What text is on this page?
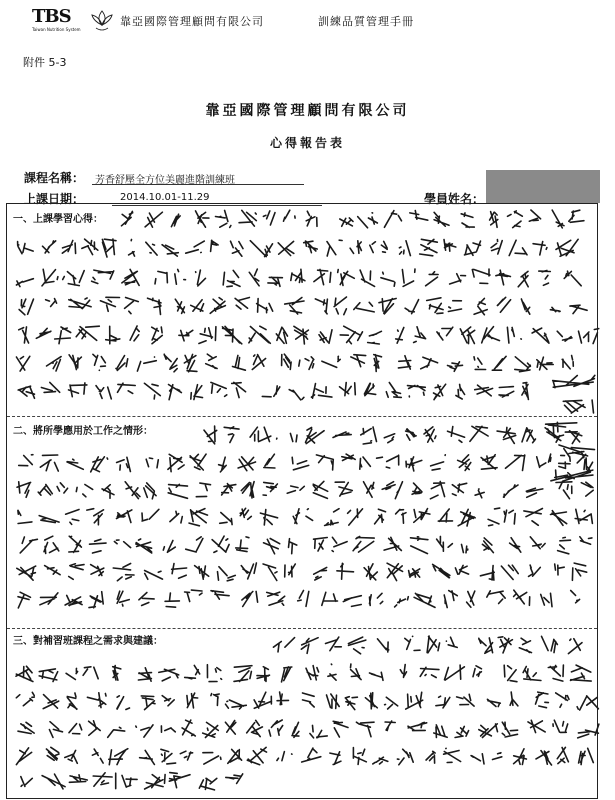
TBS
Taiwan Nutrition System
靠亞國際管理顧問有限公司	訓練品質管理手冊
附件 5-3
靠亞國際管理顧問有限公司
心得報告表
課程名稱： 芳香舒壓全方位美麗進階訓練班
上課日期：	2014.10.01-11.29	學員姓名：
一、上課學習心得：
二、將所學應用於工作之情形：
三、對補習班課程之需求與建議：
